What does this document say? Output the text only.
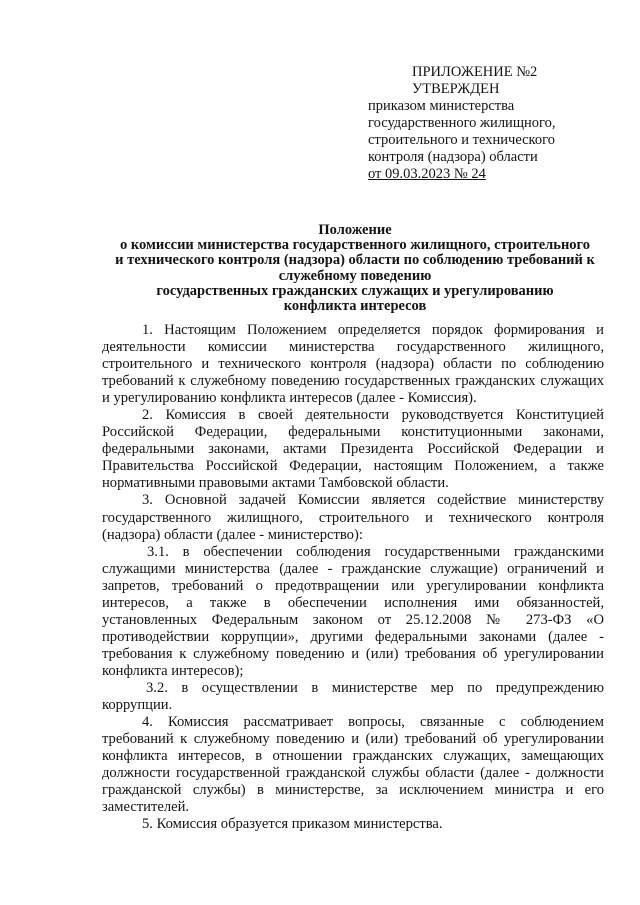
ПРИЛОЖЕНИЕ №2
УТВЕРЖДЕН
приказом министерства
государственного жилищного,
строительного и технического
контроля (надзора) области
от 09.03.2023 № 24
Положение
о комиссии министерства государственного жилищного, строительного
и технического контроля (надзора) области по соблюдению требований к
служебному поведению
государственных гражданских служащих и урегулированию
конфликта интересов

1. Настоящим Положением определяется порядок формирования и деятельности комиссии министерства государственного жилищного, строительного и технического контроля (надзора) области по соблюдению требований к служебному поведению государственных гражданских служащих и урегулированию конфликта интересов (далее - Комиссия).

2. Комиссия в своей деятельности руководствуется Конституцией Российской Федерации, федеральными конституционными законами, федеральными законами, актами Президента Российской Федерации и Правительства Российской Федерации, настоящим Положением, а также нормативными правовыми актами Тамбовской области.

3. Основной задачей Комиссии является содействие министерству государственного жилищного, строительного и технического контроля (надзора) области (далее - министерство):

3.1. в обеспечении соблюдения государственными гражданскими служащими министерства (далее - гражданские служащие) ограничений и запретов, требований о предотвращении или урегулировании конфликта интересов, а также в обеспечении исполнения ими обязанностей, установленных Федеральным законом от 25.12.2008 № 273-ФЗ «О противодействии коррупции», другими федеральными законами (далее - требования к служебному поведению и (или) требования об урегулировании конфликта интересов);

3.2. в осуществлении в министерстве мер по предупреждению коррупции.

4. Комиссия рассматривает вопросы, связанные с соблюдением требований к служебному поведению и (или) требований об урегулировании конфликта интересов, в отношении гражданских служащих, замещающих должности государственной гражданской службы области (далее - должности гражданской службы) в министерстве, за исключением министра и его заместителей.

5. Комиссия образуется приказом министерства.
